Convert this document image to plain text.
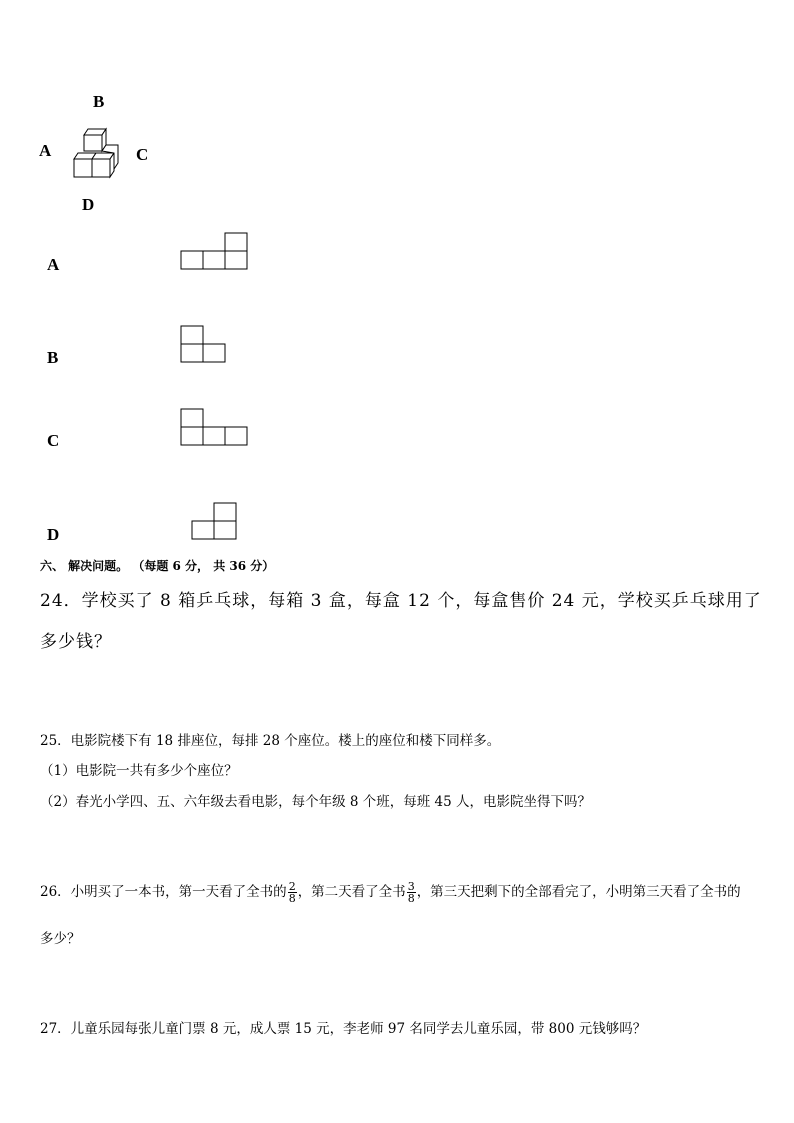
B
A	C
D
A
B
C
D
六、 解决问题。 （每题 6 分， 共 36 分）
24．学校买了 8 箱乒乓球，每箱 3 盒，每盒 12 个，每盒售价 24 元，学校买乒乓球用了
多少钱？
25．电影院楼下有 18 排座位，每排 28 个座位。楼上的座位和楼下同样多。
（1）电影院一共有多少个座位？
（2）春光小学四、五、六年级去看电影，每个年级 8 个班，每班 45 人，电影院坐得下吗？
26．小明买了一本书，第一天看了全书的 $\frac{2}{8}$ ，第二天看了全书 $\frac{3}{8}$ ，第三天把剩下的全部看完了，小明第三天看了全书的
多少？
27．儿童乐园每张儿童门票 8 元，成人票 15 元，李老师 97 名同学去儿童乐园，带 800 元钱够吗？
